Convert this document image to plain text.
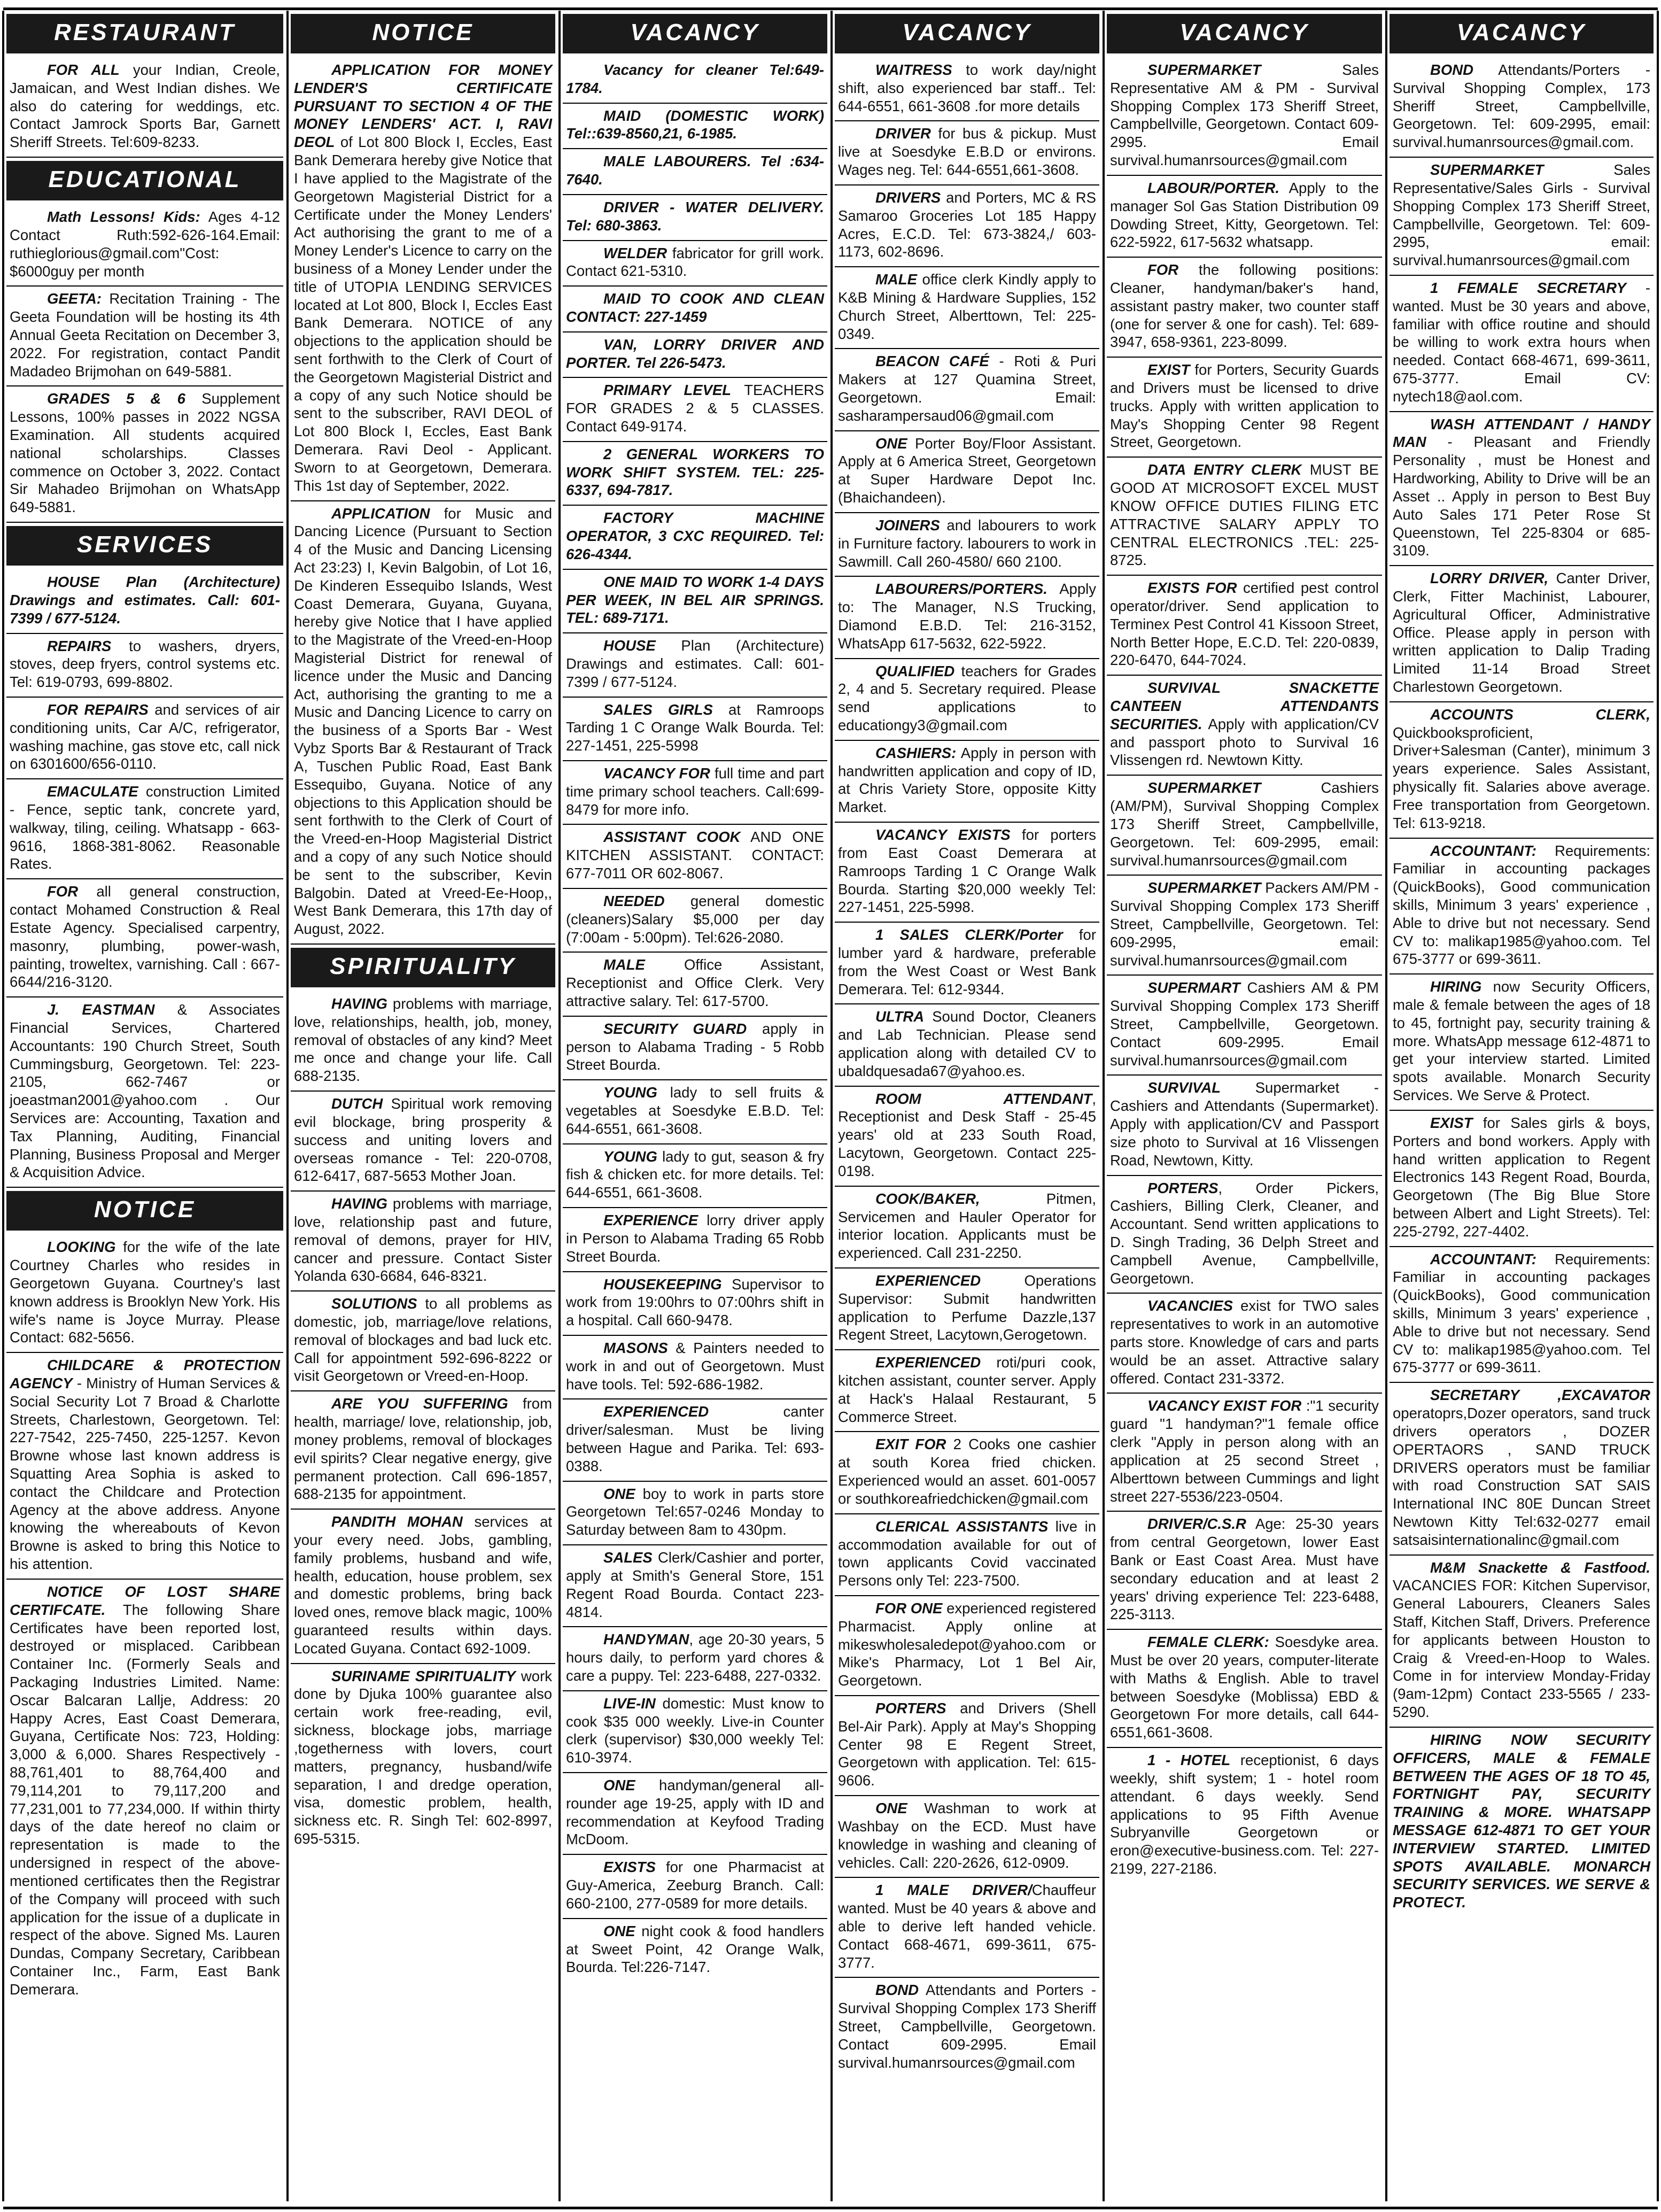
RESTAURANT

FOR ALL your Indian, Creole, Jamaican, and West Indian dishes. We also do catering for weddings, etc. Contact Jamrock Sports Bar, Garnett Sheriff Streets. Tel:609-8233.

EDUCATIONAL

Math Lessons! Kids: Ages 4-12 Contact Ruth:592-626-164.Email: ruthieglorious@gmail.com"Cost: $6000guy per month

GEETA: Recitation Training - The Geeta Foundation will be hosting its 4th Annual Geeta Recitation on December 3, 2022. For registration, contact Pandit Madadeo Brijmohan on 649-5881.

GRADES 5 & 6 Supplement Lessons, 100% passes in 2022 NGSA Examination. All students acquired national scholarships. Classes commence on October 3, 2022. Contact Sir Mahadeo Brijmohan on WhatsApp 649-5881.

SERVICES

HOUSE Plan (Architecture) Drawings and estimates. Call: 601-7399 / 677-5124.

REPAIRS to washers, dryers, stoves, deep fryers, control systems etc. Tel: 619-0793, 699-8802.

FOR REPAIRS and services of air conditioning units, Car A/C, refrigerator, washing machine, gas stove etc, call nick on 6301600/656-0110.

EMACULATE construction Limited - Fence, septic tank, concrete yard, walkway, tiling, ceiling. Whatsapp - 663-9616, 1868-381-8062. Reasonable Rates.

FOR all general construction, contact Mohamed Construction & Real Estate Agency. Specialised carpentry, masonry, plumbing, power-wash, painting, troweltex, varnishing. Call : 667-6644/216-3120.

J. EASTMAN & Associates Financial Services, Chartered Accountants: 190 Church Street, South Cummingsburg, Georgetown. Tel: 223-2105, 662-7467 or joeastman2001@yahoo.com . Our Services are: Accounting, Taxation and Tax Planning, Auditing, Financial Planning, Business Proposal and Merger & Acquisition Advice.

NOTICE

LOOKING for the wife of the late Courtney Charles who resides in Georgetown Guyana. Courtney's last known address is Brooklyn New York. His wife's name is Joyce Murray. Please Contact: 682-5656.

CHILDCARE & PROTECTION AGENCY - Ministry of Human Services & Social Security Lot 7 Broad & Charlotte Streets, Charlestown, Georgetown. Tel: 227-7542, 225-7450, 225-1257. Kevon Browne whose last known address is Squatting Area Sophia is asked to contact the Childcare and Protection Agency at the above address. Anyone knowing the whereabouts of Kevon Browne is asked to bring this Notice to his attention.

NOTICE OF LOST SHARE CERTIFCATE. The following Share Certificates have been reported lost, destroyed or misplaced. Caribbean Container Inc. (Formerly Seals and Packaging Industries Limited. Name: Oscar Balcaran Lallje, Address: 20 Happy Acres, East Coast Demerara, Guyana, Certificate Nos: 723, Holding: 3,000 & 6,000. Shares Respectively - 88,761,401 to 88,764,400 and 79,114,201 to 79,117,200 and 77,231,001 to 77,234,000. If within thirty days of the date hereof no claim or representation is made to the undersigned in respect of the above-mentioned certificates then the Registrar of the Company will proceed with such application for the issue of a duplicate in respect of the above. Signed Ms. Lauren Dundas, Company Secretary, Caribbean Container Inc., Farm, East Bank Demerara.

NOTICE

APPLICATION FOR MONEY LENDER'S CERTIFICATE PURSUANT TO SECTION 4 OF THE MONEY LENDERS' ACT. I, RAVI DEOL of Lot 800 Block I, Eccles, East Bank Demerara hereby give Notice that I have applied to the Magistrate of the Georgetown Magisterial District for a Certificate under the Money Lenders' Act authorising the grant to me of a Money Lender's Licence to carry on the business of a Money Lender under the title of UTOPIA LENDING SERVICES located at Lot 800, Block I, Eccles East Bank Demerara. NOTICE of any objections to the application should be sent forthwith to the Clerk of Court of the Georgetown Magisterial District and a copy of any such Notice should be sent to the subscriber, RAVI DEOL of Lot 800 Block I, Eccles, East Bank Demerara. Ravi Deol - Applicant. Sworn to at Georgetown, Demerara. This 1st day of September, 2022.

APPLICATION for Music and Dancing Licence (Pursuant to Section 4 of the Music and Dancing Licensing Act 23:23) I, Kevin Balgobin, of Lot 16, De Kinderen Essequibo Islands, West Coast Demerara, Guyana, Guyana, hereby give Notice that I have applied to the Magistrate of the Vreed-en-Hoop Magisterial District for renewal of licence under the Music and Dancing Act, authorising the granting to me a Music and Dancing Licence to carry on the business of a Sports Bar - West Vybz Sports Bar & Restaurant of Track A, Tuschen Public Road, East Bank Essequibo, Guyana. Notice of any objections to this Application should be sent forthwith to the Clerk of Court of the Vreed-en-Hoop Magisterial District and a copy of any such Notice should be sent to the subscriber, Kevin Balgobin. Dated at Vreed-Ee-Hoop,, West Bank Demerara, this 17th day of August, 2022.

SPIRITUALITY

HAVING problems with marriage, love, relationships, health, job, money, removal of obstacles of any kind? Meet me once and change your life. Call 688-2135.

DUTCH Spiritual work removing evil blockage, bring prosperity & success and uniting lovers and overseas romance - Tel: 220-0708, 612-6417, 687-5653 Mother Joan.

HAVING problems with marriage, love, relationship past and future, removal of demons, prayer for HIV, cancer and pressure. Contact Sister Yolanda 630-6684, 646-8321.

SOLUTIONS to all problems as domestic, job, marriage/love relations, removal of blockages and bad luck etc. Call for appointment 592-696-8222 or visit Georgetown or Vreed-en-Hoop.

ARE YOU SUFFERING from health, marriage/ love, relationship, job, money problems, removal of blockages evil spirits? Clear negative energy, give permanent protection. Call 696-1857, 688-2135 for appointment.

PANDITH MOHAN services at your every need. Jobs, gambling, family problems, husband and wife, health, education, house problem, sex and domestic problems, bring back loved ones, remove black magic, 100% guaranteed results within days. Located Guyana. Contact 692-1009.

SURINAME SPIRITUALITY work done by Djuka 100% guarantee also certain work free-reading, evil, sickness, blockage jobs, marriage ,togetherness with lovers, court matters, pregnancy, husband/wife separation, I and dredge operation, visa, domestic problem, health, sickness etc. R. Singh Tel: 602-8997, 695-5315.

VACANCY

Vacancy for cleaner Tel:649-1784.

MAID (DOMESTIC WORK) Tel::639-8560,21, 6-1985.

MALE LABOURERS. Tel :634-7640.

DRIVER - WATER DELIVERY. Tel: 680-3863.

WELDER fabricator for grill work. Contact 621-5310.

MAID TO COOK AND CLEAN CONTACT: 227-1459

VAN, LORRY DRIVER AND PORTER. Tel 226-5473.

PRIMARY LEVEL TEACHERS FOR GRADES 2 & 5 CLASSES. Contact 649-9174.

2 GENERAL WORKERS TO WORK SHIFT SYSTEM. TEL: 225-6337, 694-7817.

FACTORY MACHINE OPERATOR, 3 CXC REQUIRED. Tel: 626-4344.

ONE MAID TO WORK 1-4 DAYS PER WEEK, IN BEL AIR SPRINGS. TEL: 689-7171.

HOUSE Plan (Architecture) Drawings and estimates. Call: 601-7399 / 677-5124.

SALES GIRLS at Ramroops Tarding 1 C Orange Walk Bourda. Tel: 227-1451, 225-5998

VACANCY FOR full time and part time primary school teachers. Call:699-8479 for more info.

ASSISTANT COOK AND ONE KITCHEN ASSISTANT. CONTACT: 677-7011 OR 602-8067.

NEEDED general domestic (cleaners)Salary $5,000 per day (7:00am - 5:00pm). Tel:626-2080.

MALE Office Assistant, Receptionist and Office Clerk. Very attractive salary. Tel: 617-5700.

SECURITY GUARD apply in person to Alabama Trading - 5 Robb Street Bourda.

YOUNG lady to sell fruits & vegetables at Soesdyke E.B.D. Tel: 644-6551, 661-3608.

YOUNG lady to gut, season & fry fish & chicken etc. for more details. Tel: 644-6551, 661-3608.

EXPERIENCE lorry driver apply in Person to Alabama Trading 65 Robb Street Bourda.

HOUSEKEEPING Supervisor to work from 19:00hrs to 07:00hrs shift in a hospital. Call 660-9478.

MASONS & Painters needed to work in and out of Georgetown. Must have tools. Tel: 592-686-1982.

EXPERIENCED canter driver/salesman. Must be living between Hague and Parika. Tel: 693-0388.

ONE boy to work in parts store Georgetown Tel:657-0246 Monday to Saturday between 8am to 430pm.

SALES Clerk/Cashier and porter, apply at Smith's General Store, 151 Regent Road Bourda. Contact 223-4814.

HANDYMAN, age 20-30 years, 5 hours daily, to perform yard chores & care a puppy. Tel: 223-6488, 227-0332.

LIVE-IN domestic: Must know to cook $35 000 weekly. Live-in Counter clerk (supervisor) $30,000 weekly Tel: 610-3974.

ONE handyman/general all-rounder age 19-25, apply with ID and recommendation at Keyfood Trading McDoom.

EXISTS for one Pharmacist at Guy-America, Zeeburg Branch. Call: 660-2100, 277-0589 for more details.

ONE night cook & food handlers at Sweet Point, 42 Orange Walk, Bourda. Tel:226-7147.

VACANCY

WAITRESS to work day/night shift, also experienced bar staff.. Tel: 644-6551, 661-3608 .for more details

DRIVER for bus & pickup. Must live at Soesdyke E.B.D or environs. Wages neg. Tel: 644-6551,661-3608.

DRIVERS and Porters, MC & RS Samaroo Groceries Lot 185 Happy Acres, E.C.D. Tel: 673-3824,/ 603-1173, 602-8696.

MALE office clerk Kindly apply to K&B Mining & Hardware Supplies, 152 Church Street, Alberttown, Tel: 225-0349.

BEACON CAFÉ - Roti & Puri Makers at 127 Quamina Street, Georgetown. Email: sasharampersaud06@gmail.com

ONE Porter Boy/Floor Assistant. Apply at 6 America Street, Georgetown at Super Hardware Depot Inc. (Bhaichandeen).

JOINERS and labourers to work in Furniture factory. labourers to work in Sawmill. Call 260-4580/ 660 2100.

LABOURERS/PORTERS. Apply to: The Manager, N.S Trucking, Diamond E.B.D. Tel: 216-3152, WhatsApp 617-5632, 622-5922.

QUALIFIED teachers for Grades 2, 4 and 5. Secretary required. Please send applications to educationgy3@gmail.com

CASHIERS: Apply in person with handwritten application and copy of ID, at Chris Variety Store, opposite Kitty Market.

VACANCY EXISTS for porters from East Coast Demerara at Ramroops Tarding 1 C Orange Walk Bourda. Starting $20,000 weekly Tel: 227-1451, 225-5998.

1 SALES CLERK/Porter for lumber yard & hardware, preferable from the West Coast or West Bank Demerara. Tel: 612-9344.

ULTRA Sound Doctor, Cleaners and Lab Technician. Please send application along with detailed CV to ubaldquesada67@yahoo.es.

ROOM ATTENDANT, Receptionist and Desk Staff - 25-45 years' old at 233 South Road, Lacytown, Georgetown. Contact 225-0198.

COOK/BAKER, Pitmen, Servicemen and Hauler Operator for interior location. Applicants must be experienced. Call 231-2250.

EXPERIENCED Operations Supervisor: Submit handwritten application to Perfume Dazzle,137 Regent Street, Lacytown,Gerogetown.

EXPERIENCED roti/puri cook, kitchen assistant, counter server. Apply at Hack's Halaal Restaurant, 5 Commerce Street.

EXIT FOR 2 Cooks one cashier at south Korea fried chicken. Experienced would an asset. 601-0057 or southkoreafriedchicken@gmail.com

CLERICAL ASSISTANTS live in accommodation available for out of town applicants Covid vaccinated Persons only Tel: 223-7500.

FOR ONE experienced registered Pharmacist. Apply online at mikeswholesaledepot@yahoo.com or Mike's Pharmacy, Lot 1 Bel Air, Georgetown.

PORTERS and Drivers (Shell Bel-Air Park). Apply at May's Shopping Center 98 E Regent Street, Georgetown with application. Tel: 615-9606.

ONE Washman to work at Washbay on the ECD. Must have knowledge in washing and cleaning of vehicles. Call: 220-2626, 612-0909.

1 MALE DRIVER/Chauffeur wanted. Must be 40 years & above and able to derive left handed vehicle. Contact 668-4671, 699-3611, 675-3777.

BOND Attendants and Porters - Survival Shopping Complex 173 Sheriff Street, Campbellville, Georgetown. Contact 609-2995. Email survival.humanrsources@gmail.com

VACANCY

SUPERMARKET Sales Representative AM & PM - Survival Shopping Complex 173 Sheriff Street, Campbellville, Georgetown. Contact 609-2995. Email survival.humanrsources@gmail.com

LABOUR/PORTER. Apply to the manager Sol Gas Station Distribution 09 Dowding Street, Kitty, Georgetown. Tel: 622-5922, 617-5632 whatsapp.

FOR the following positions: Cleaner, handyman/baker's hand, assistant pastry maker, two counter staff (one for server & one for cash). Tel: 689-3947, 658-9361, 223-8099.

EXIST for Porters, Security Guards and Drivers must be licensed to drive trucks. Apply with written application to May's Shopping Center 98 Regent Street, Georgetown.

DATA ENTRY CLERK MUST BE GOOD AT MICROSOFT EXCEL MUST KNOW OFFICE DUTIES FILING ETC ATTRACTIVE SALARY APPLY TO CENTRAL ELECTRONICS .TEL: 225-8725.

EXISTS FOR certified pest control operator/driver. Send application to Terminex Pest Control 41 Kissoon Street, North Better Hope, E.C.D. Tel: 220-0839, 220-6470, 644-7024.

SURVIVAL SNACKETTE CANTEEN ATTENDANTS SECURITIES. Apply with application/CV and passport photo to Survival 16 Vlissengen rd. Newtown Kitty.

SUPERMARKET Cashiers (AM/PM), Survival Shopping Complex 173 Sheriff Street, Campbellville, Georgetown. Tel: 609-2995, email: survival.humanrsources@gmail.com

SUPERMARKET Packers AM/PM - Survival Shopping Complex 173 Sheriff Street, Campbellville, Georgetown. Tel: 609-2995, email: survival.humanrsources@gmail.com

SUPERMART Cashiers AM & PM Survival Shopping Complex 173 Sheriff Street, Campbellville, Georgetown. Contact 609-2995. Email survival.humanrsources@gmail.com

SURVIVAL Supermarket - Cashiers and Attendants (Supermarket). Apply with application/CV and Passport size photo to Survival at 16 Vlissengen Road, Newtown, Kitty.

PORTERS, Order Pickers, Cashiers, Billing Clerk, Cleaner, and Accountant. Send written applications to D. Singh Trading, 36 Delph Street and Campbell Avenue, Campbellville, Georgetown.

VACANCIES exist for TWO sales representatives to work in an automotive parts store. Knowledge of cars and parts would be an asset. Attractive salary offered. Contact 231-3372.

VACANCY EXIST FOR :"1 security guard "1 handyman?"1 female office clerk "Apply in person along with an application at 25 second Street , Alberttown between Cummings and light street 227-5536/223-0504.

DRIVER/C.S.R Age: 25-30 years from central Georgetown, lower East Bank or East Coast Area. Must have secondary education and at least 2 years' driving experience Tel: 223-6488, 225-3113.

FEMALE CLERK: Soesdyke area. Must be over 20 years, computer-literate with Maths & English. Able to travel between Soesdyke (Moblissa) EBD & Georgetown For more details, call 644-6551,661-3608.

1 - HOTEL receptionist, 6 days weekly, shift system; 1 - hotel room attendant. 6 days weekly. Send applications to 95 Fifth Avenue Subryanville Georgetown or eron@executive-business.com. Tel: 227-2199, 227-2186.

VACANCY

BOND Attendants/Porters - Survival Shopping Complex, 173 Sheriff Street, Campbellville, Georgetown. Tel: 609-2995, email: survival.humanrsources@gmail.com.

SUPERMARKET Sales Representative/Sales Girls - Survival Shopping Complex 173 Sheriff Street, Campbellville, Georgetown. Tel: 609-2995, email: survival.humanrsources@gmail.com

1 FEMALE SECRETARY - wanted. Must be 30 years and above, familiar with office routine and should be willing to work extra hours when needed. Contact 668-4671, 699-3611, 675-3777. Email CV: nytech18@aol.com.

WASH ATTENDANT / HANDY MAN - Pleasant and Friendly Personality , must be Honest and Hardworking, Ability to Drive will be an Asset .. Apply in person to Best Buy Auto Sales 171 Peter Rose St Queenstown, Tel 225-8304 or 685-3109.

LORRY DRIVER, Canter Driver, Clerk, Fitter Machinist, Labourer, Agricultural Officer, Administrative Office. Please apply in person with written application to Dalip Trading Limited 11-14 Broad Street Charlestown Georgetown.

ACCOUNTS CLERK, Quickbooksproficient, Driver+Salesman (Canter), minimum 3 years experience. Sales Assistant, physically fit. Salaries above average. Free transportation from Georgetown. Tel: 613-9218.

ACCOUNTANT: Requirements: Familiar in accounting packages (QuickBooks), Good communication skills, Minimum 3 years' experience , Able to drive but not necessary. Send CV to: malikap1985@yahoo.com. Tel 675-3777 or 699-3611.

HIRING now Security Officers, male & female between the ages of 18 to 45, fortnight pay, security training & more. WhatsApp message 612-4871 to get your interview started. Limited spots available. Monarch Security Services. We Serve & Protect.

EXIST for Sales girls & boys, Porters and bond workers. Apply with hand written application to Regent Electronics 143 Regent Road, Bourda, Georgetown (The Big Blue Store between Albert and Light Streets). Tel: 225-2792, 227-4402.

ACCOUNTANT: Requirements: Familiar in accounting packages (QuickBooks), Good communication skills, Minimum 3 years' experience , Able to drive but not necessary. Send CV to: malikap1985@yahoo.com. Tel 675-3777 or 699-3611.

SECRETARY ,EXCAVATOR operatoprs,Dozer operators, sand truck drivers operators , DOZER OPERTAORS , SAND TRUCK DRIVERS operators must be familiar with road Construction SAT SAIS International INC 80E Duncan Street Newtown Kitty Tel:632-0277 email satsaisinternationalinc@gmail.com

M&M Snackette & Fastfood. VACANCIES FOR: Kitchen Supervisor, General Labourers, Cleaners Sales Staff, Kitchen Staff, Drivers. Preference for applicants between Houston to Craig & Vreed-en-Hoop to Wales. Come in for interview Monday-Friday (9am-12pm) Contact 233-5565 / 233-5290.

HIRING NOW SECURITY OFFICERS, MALE & FEMALE BETWEEN THE AGES OF 18 TO 45, FORTNIGHT PAY, SECURITY TRAINING & MORE. WHATSAPP MESSAGE 612-4871 TO GET YOUR INTERVIEW STARTED. LIMITED SPOTS AVAILABLE. MONARCH SECURITY SERVICES. WE SERVE & PROTECT.
